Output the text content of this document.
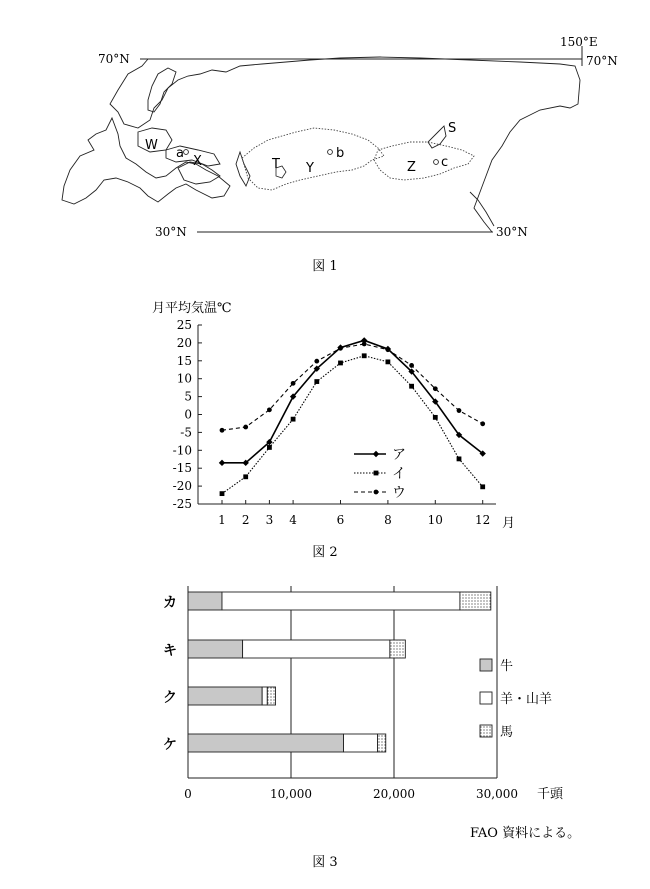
W
a
X	T Y
b
Z c
S
70°N	70°N
150°E
30°N	30°N
図 1
月平均気温℃
月
図 2
25
20
15
10
5
0
-5
-10
-15
-20
-25
1 2 3 4	6	8	10	12
ア
イ
ウ
千頭
FAO 資料による。
図 3
0	10,000	20,000	30,000
カ
キ
ク
ケ
牛
羊・山羊
馬
